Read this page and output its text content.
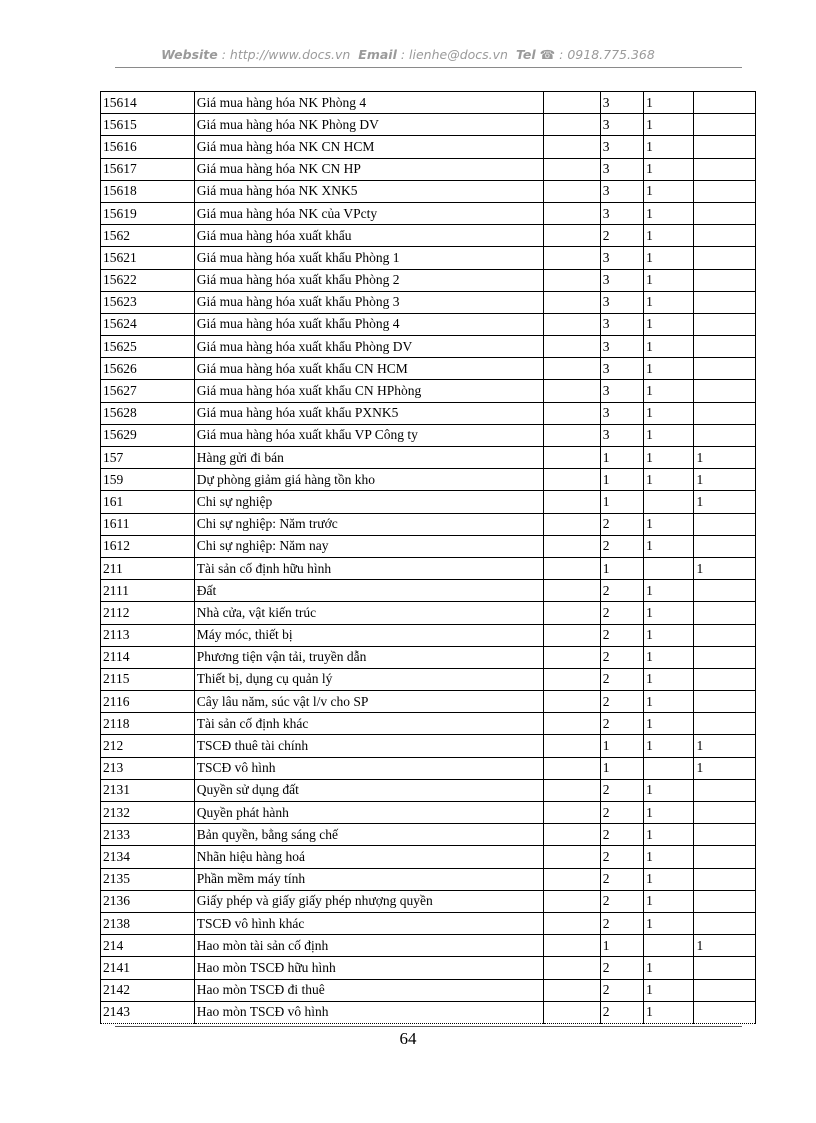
Website : http://www.docs.vn Email : lienhe@docs.vn Tel ☎ : 0918.775.368
15614	Giá mua hàng hóa NK Phòng 4		3	1	
15615	Giá mua hàng hóa NK Phòng DV		3	1	
15616	Giá mua hàng hóa NK CN HCM		3	1	
15617	Giá mua hàng hóa NK CN HP		3	1	
15618	Giá mua hàng hóa NK XNK5		3	1	
15619	Giá mua hàng hóa NK của VPcty		3	1	
1562	Giá mua hàng hóa xuất khẩu		2	1	
15621	Giá mua hàng hóa xuất khẩu Phòng 1		3	1	
15622	Giá mua hàng hóa xuất khẩu Phòng 2		3	1	
15623	Giá mua hàng hóa xuất khẩu Phòng 3		3	1	
15624	Giá mua hàng hóa xuất khẩu Phòng 4		3	1	
15625	Giá mua hàng hóa xuất khẩu Phòng DV		3	1	
15626	Giá mua hàng hóa xuất khẩu CN HCM		3	1	
15627	Giá mua hàng hóa xuất khẩu CN HPhòng		3	1	
15628	Giá mua hàng hóa xuất khẩu PXNK5		3	1	
15629	Giá mua hàng hóa xuất khẩu VP Công ty		3	1	
157	Hàng gửi đi bán		1	1	1
159	Dự phòng giảm giá hàng tồn kho		1	1	1
161	Chi sự nghiệp		1		1
1611	Chi sự nghiệp: Năm trước		2	1	
1612	Chi sự nghiệp: Năm nay		2	1	
211	Tài sản cố định hữu hình		1		1
2111	Đất		2	1	
2112	Nhà cửa, vật kiến trúc		2	1	
2113	Máy móc, thiết bị		2	1	
2114	Phương tiện vận tải, truyền dẫn		2	1	
2115	Thiết bị, dụng cụ quản lý		2	1	
2116	Cây lâu năm, súc vật l/v cho SP		2	1	
2118	Tài sản cố định khác		2	1	
212	TSCĐ thuê tài chính		1	1	1
213	TSCĐ vô hình		1		1
2131	Quyền sử dụng đất		2	1	
2132	Quyền phát hành		2	1	
2133	Bản quyền, bằng sáng chế		2	1	
2134	Nhãn hiệu hàng hoá		2	1	
2135	Phần mềm máy tính		2	1	
2136	Giấy phép và giấy giấy phép nhượng quyền		2	1	
2138	TSCĐ vô hình khác		2	1	
214	Hao mòn tài sản cố định		1		1
2141	Hao mòn TSCĐ hữu hình		2	1	
2142	Hao mòn TSCĐ đi thuê		2	1	
2143	Hao mòn TSCĐ vô hình		2	1	
64
